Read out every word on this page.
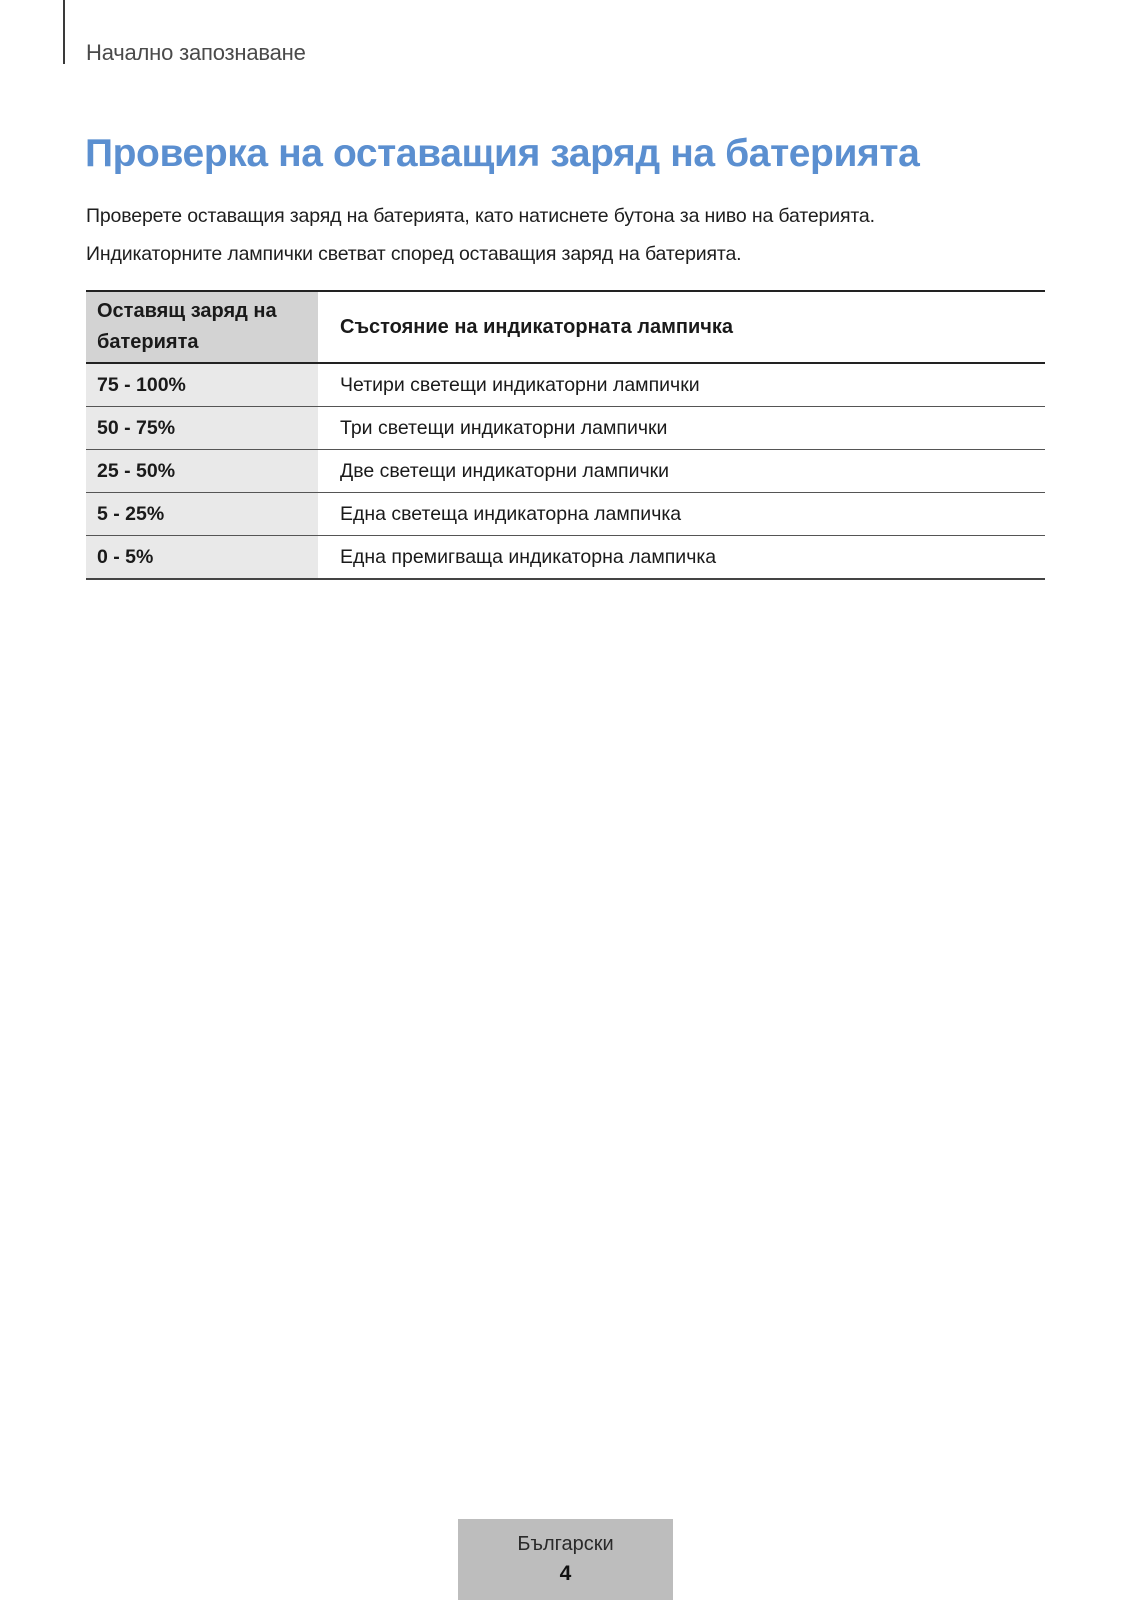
Начално запознаване
Проверка на оставащия заряд на батерията

Проверете оставащия заряд на батерията, като натиснете бутона за ниво на батерията.

Индикаторните лампички светват според оставащия заряд на батерията.

Оставящ заряд на батерията	Състояние на индикаторната лампичка
75 - 100%	Четири светещи индикаторни лампички
50 - 75%	Три светещи индикаторни лампички
25 - 50%	Две светещи индикаторни лампички
5 - 25%	Една светеща индикаторна лампичка
0 - 5%	Една премигваща индикаторна лампичка
Български
4
